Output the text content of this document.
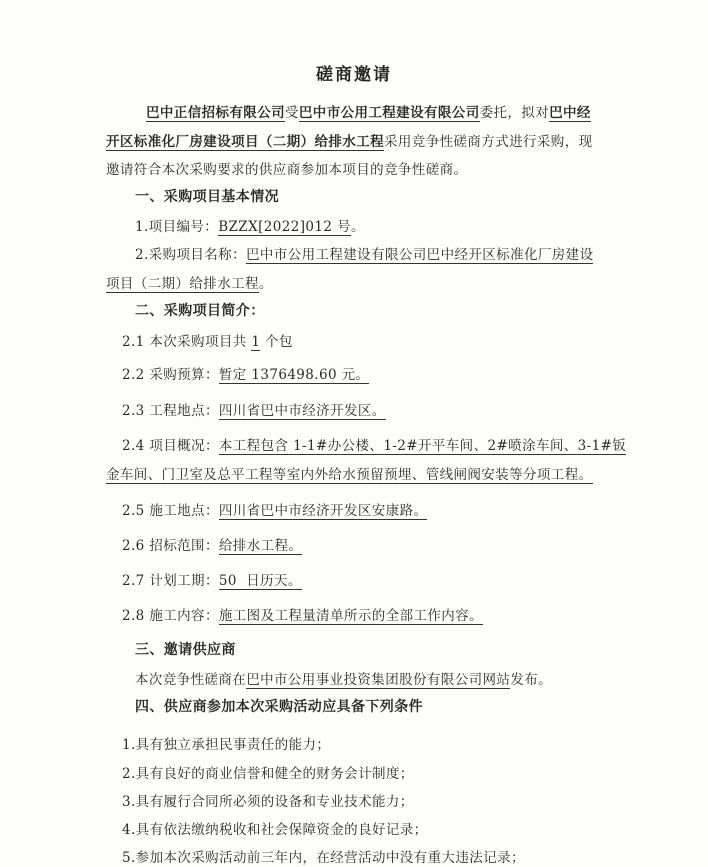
磋商邀请
巴中正信招标有限公司受巴中市公用工程建设有限公司委托，拟对巴中经
开区标准化厂房建设项目（二期）给排水工程采用竞争性磋商方式进行采购，现
邀请符合本次采购要求的供应商参加本项目的竞争性磋商。
一、采购项目基本情况
1.项目编号：BZZX[2022]012 号。
2.采购项目名称：巴中市公用工程建设有限公司巴中经开区标准化厂房建设
项目（二期）给排水工程。
二、采购项目简介：
2.1 本次采购项目共 1 个包
2.2 采购预算：暂定 1376498.60 元。
2.3 工程地点：四川省巴中市经济开发区。
2.4 项目概况：本工程包含 1-1#办公楼、1-2#开平车间、2#喷涂车间、3-1#钣
金车间、门卫室及总平工程等室内外给水预留预埋、管线闸阀安装等分项工程。
2.5 施工地点：四川省巴中市经济开发区安康路。
2.6 招标范围：给排水工程。
2.7 计划工期：50  日历天。
2.8 施工内容：施工图及工程量清单所示的全部工作内容。
三、邀请供应商
本次竞争性磋商在巴中市公用事业投资集团股份有限公司网站发布。
四、供应商参加本次采购活动应具备下列条件
1.具有独立承担民事责任的能力；
2.具有良好的商业信誉和健全的财务会计制度；
3.具有履行合同所必须的设备和专业技术能力；
4.具有依法缴纳税收和社会保障资金的良好记录；
5.参加本次采购活动前三年内，在经营活动中没有重大违法记录；
